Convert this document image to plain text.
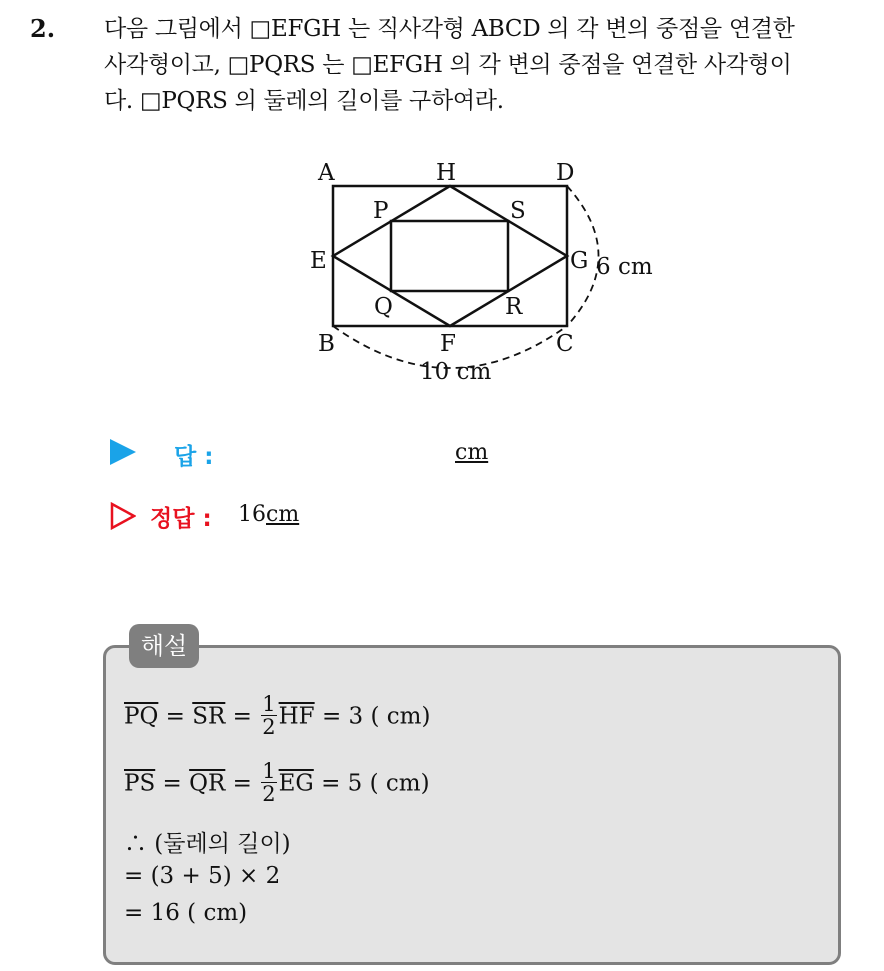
2. 다음 그림에서 □EFGH 는 직사각형 ABCD 의 각 변의 중점을 연결한

사각형이고, □PQRS 는 □EFGH 의 각 변의 중점을 연결한 사각형이

다. □PQRS 의 둘레의 길이를 구하여라.

A	H	D
P	S
E	G
Q	R
B	F	C
6 cm
10 cm
답 :	cm
정답 : 16cm
해설
$\overline{PQ} = \overline{SR} = \frac{1}{2} \overline{HF} = 3$ ( cm)
$\overline{PS} = \overline{QR} = \frac{1}{2} \overline{EG} = 5$ ( cm)
∴ (둘레의 길이)
= (3 + 5) × 2
= 16 ( cm)
